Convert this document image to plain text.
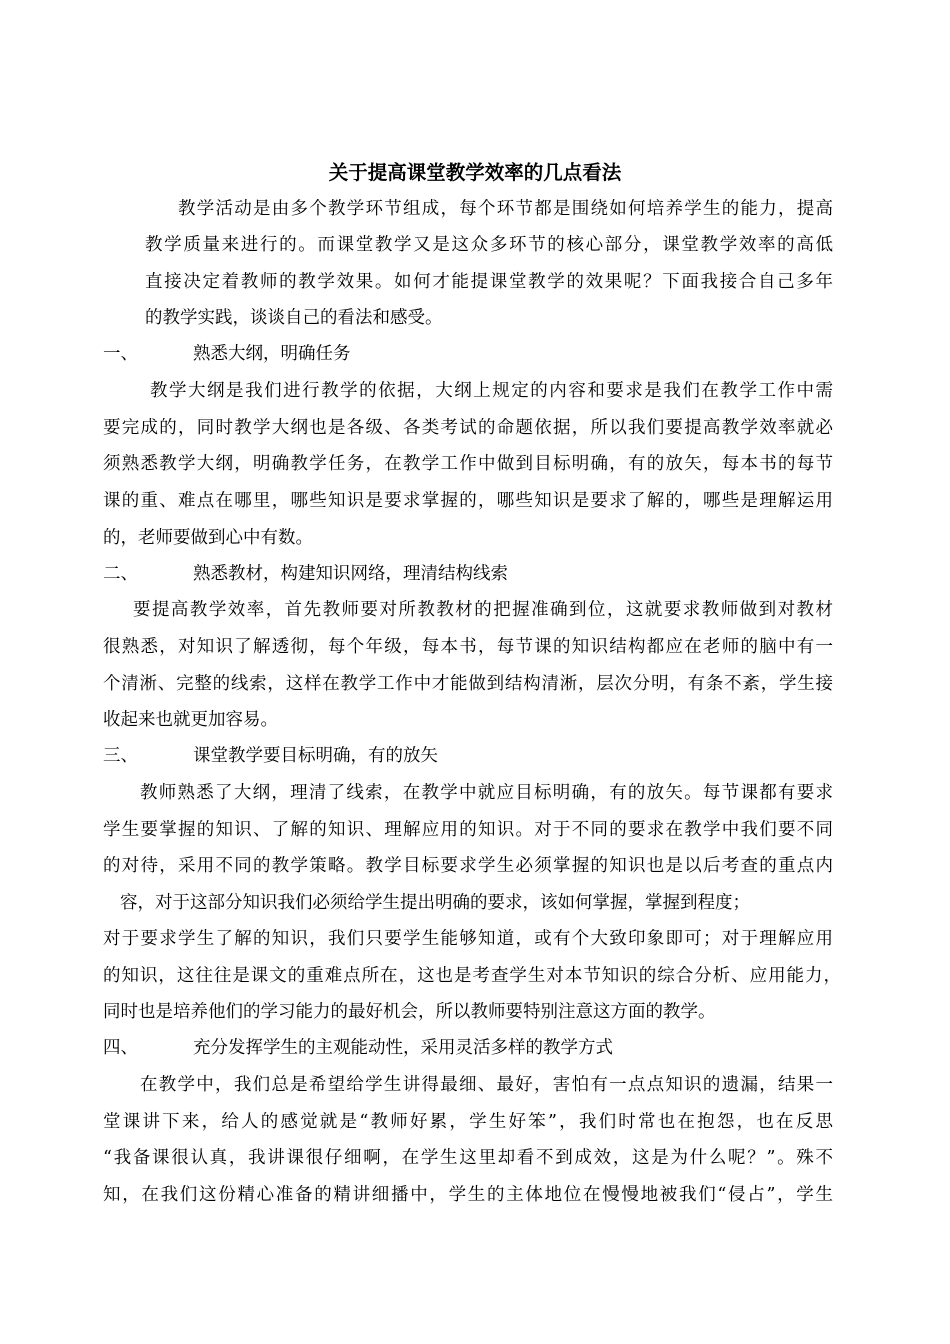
关于提高课堂教学效率的几点看法
教学活动是由多个教学环节组成，每个环节都是围绕如何培养学生的能力，提高
教学质量来进行的。而课堂教学又是这众多环节的核心部分，课堂教学效率的高低
直接决定着教师的教学效果。如何才能提课堂教学的效果呢？下面我接合自己多年
的教学实践，谈谈自己的看法和感受。
一、	熟悉大纲，明确任务
教学大纲是我们进行教学的依据，大纲上规定的内容和要求是我们在教学工作中需
要完成的，同时教学大纲也是各级、各类考试的命题依据，所以我们要提高教学效率就必
须熟悉教学大纲，明确教学任务，在教学工作中做到目标明确，有的放矢，每本书的每节
课的重、难点在哪里，哪些知识是要求掌握的，哪些知识是要求了解的，哪些是理解运用
的，老师要做到心中有数。
二、	熟悉教材，构建知识网络，理清结构线索
要提高教学效率，首先教师要对所教教材的把握准确到位，这就要求教师做到对教材
很熟悉，对知识了解透彻，每个年级，每本书，每节课的知识结构都应在老师的脑中有一
个清淅、完整的线索，这样在教学工作中才能做到结构清淅，层次分明，有条不紊，学生接
收起来也就更加容易。
三、	课堂教学要目标明确，有的放矢
教师熟悉了大纲，理清了线索，在教学中就应目标明确，有的放矢。每节课都有要求
学生要掌握的知识、了解的知识、理解应用的知识。对于不同的要求在教学中我们要不同
的对待，采用不同的教学策略。教学目标要求学生必须掌握的知识也是以后考查的重点内
容，对于这部分知识我们必须给学生提出明确的要求，该如何掌握，掌握到程度；
对于要求学生了解的知识，我们只要学生能够知道，或有个大致印象即可；对于理解应用
的知识，这往往是课文的重难点所在，这也是考查学生对本节知识的综合分析、应用能力，
同时也是培养他们的学习能力的最好机会，所以教师要特别注意这方面的教学。
四、	充分发挥学生的主观能动性，采用灵活多样的教学方式
在教学中，我们总是希望给学生讲得最细、最好，害怕有一点点知识的遗漏，结果一
堂课讲下来，给人的感觉就是“教师好累，学生好笨”，我们时常也在抱怨，也在反思
“我备课很认真，我讲课很仔细啊，在学生这里却看不到成效，这是为什么呢？”。殊不
知，在我们这份精心准备的精讲细播中，学生的主体地位在慢慢地被我们“侵占”，学生
